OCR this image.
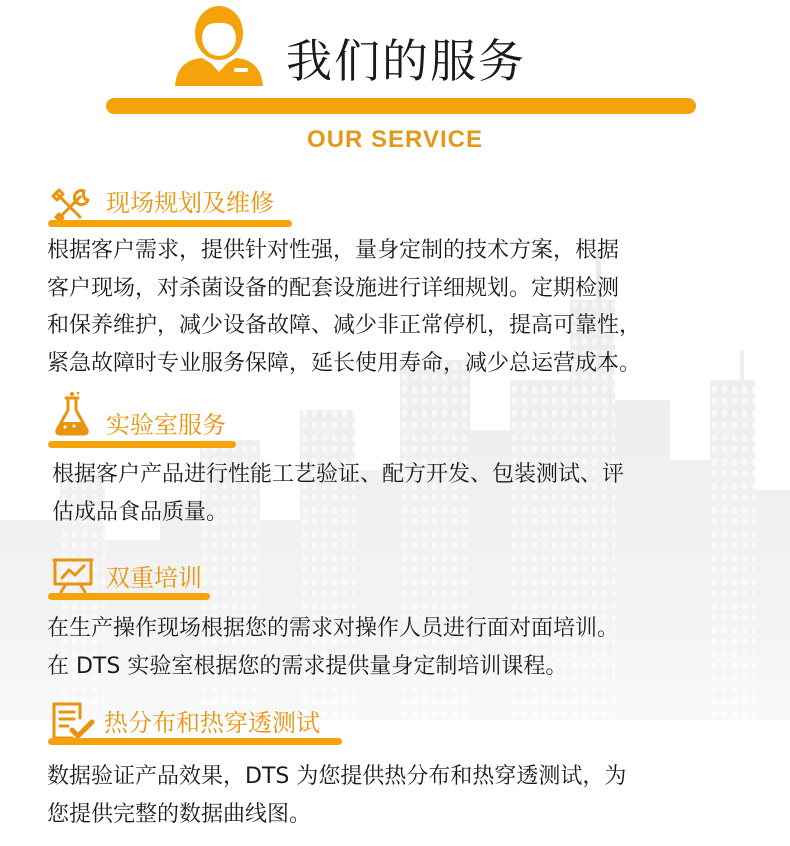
我们的服务
OUR SERVICE
现场规划及维修

根据客户需求，提供针对性强，量身定制的技术方案，根据
客户现场，对杀菌设备的配套设施进行详细规划。定期检测
和保养维护，减少设备故障、减少非正常停机，提高可靠性，
紧急故障时专业服务保障，延长使用寿命，减少总运营成本。

实验室服务

根据客户产品进行性能工艺验证、配方开发、包装测试、评
估成品食品质量。

双重培训

在生产操作现场根据您的需求对操作人员进行面对面培训。
在 DTS 实验室根据您的需求提供量身定制培训课程。

热分布和热穿透测试

数据验证产品效果，DTS 为您提供热分布和热穿透测试，为
您提供完整的数据曲线图。
